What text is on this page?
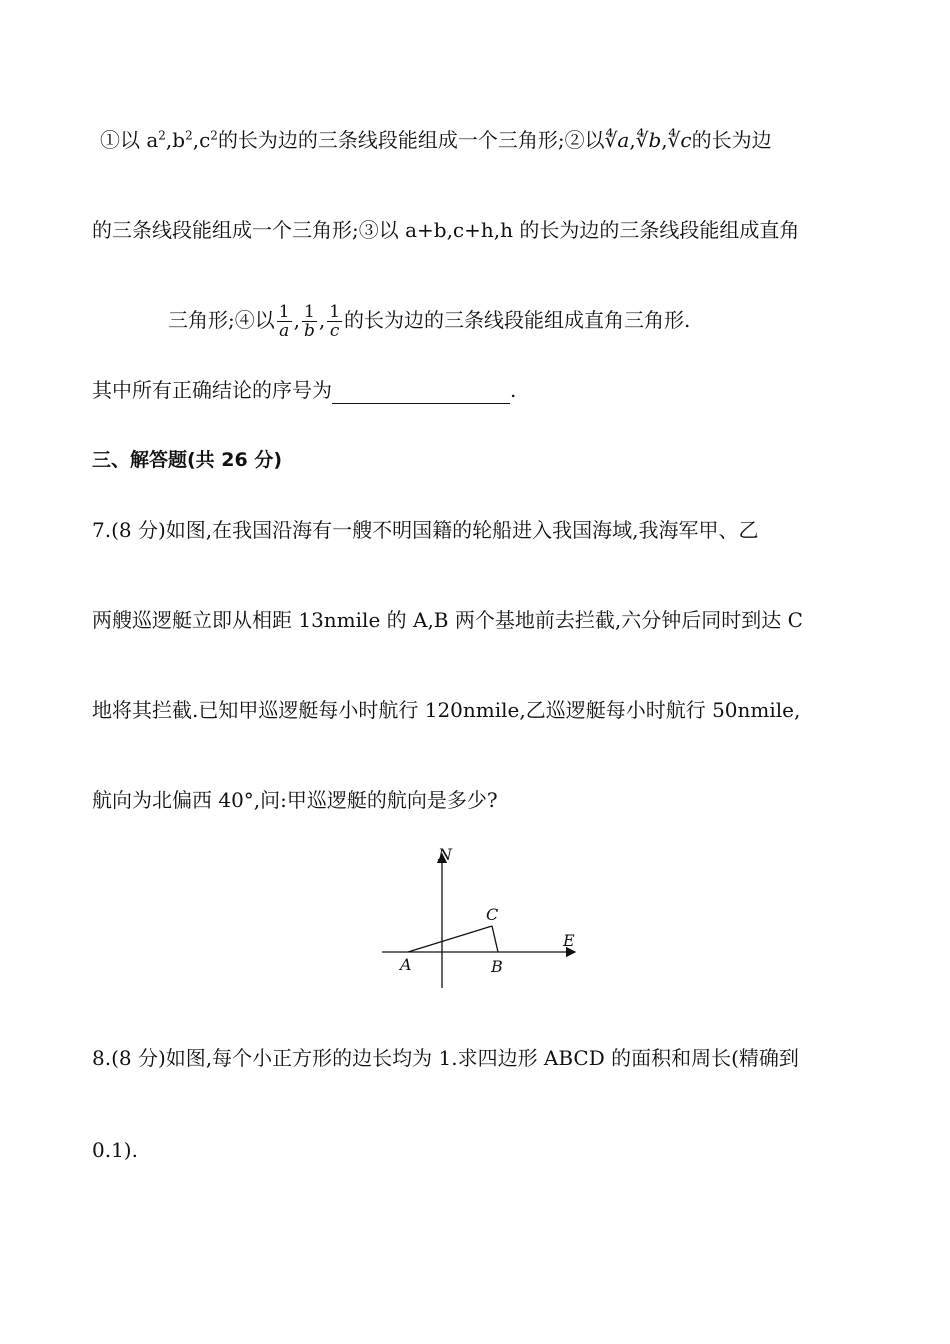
①以 $a^2,b^2,c^2$的长为边的三条线段能组成一个三角形;②以∜a,∜b,∜c的长为边
的三条线段能组成一个三角形;③以 a+b,c+h,h 的长为边的三条线段能组成直角
三角形;④以 $\frac{1}{a}$ , $\frac{1}{b}$ , $\frac{1}{c}$ 的长为边的三条线段能组成直角三角形.
其中所有正确结论的序号为	.
三、解答题(共 26 分)
7.(8 分)如图,在我国沿海有一艘不明国籍的轮船进入我国海域,我海军甲、乙
两艘巡逻艇立即从相距 13nmile 的 A,B 两个基地前去拦截,六分钟后同时到达 C
地将其拦截.已知甲巡逻艇每小时航行 120nmile,乙巡逻艇每小时航行 50nmile,
航向为北偏西 40°,问:甲巡逻艇的航向是多少?
N
C
E
A	B
8.(8 分)如图,每个小正方形的边长均为 1.求四边形 ABCD 的面积和周长(精确到
0.1).
